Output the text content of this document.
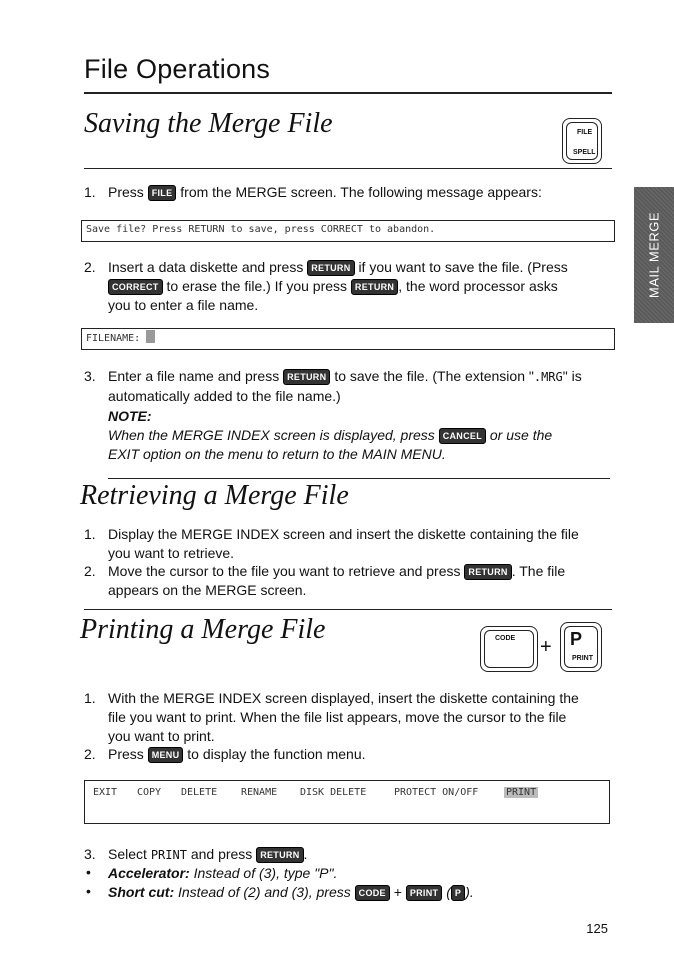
File Operations
MAIL MERGE
Saving the Merge File	FILE
SPELL
1. Press FILE from the MERGE screen. The following message appears:
Save file? Press RETURN to save, press CORRECT to abandon.
2. Insert a data diskette and press RETURN if you want to save the file. (Press
CORRECT to erase the file.) If you press RETURN , the word processor asks
you to enter a file name.
FILENAME:
3. Enter a file name and press RETURN to save the file. (The extension ".MRG" is
automatically added to the file name.)
NOTE:
When the MERGE INDEX screen is displayed, press CANCEL or use the
EXIT option on the menu to return to the MAIN MENU.
Retrieving a Merge File
1. Display the MERGE INDEX screen and insert the diskette containing the file
you want to retrieve.
2. Move the cursor to the file you want to retrieve and press RETURN . The file
appears on the MERGE screen.
Printing a Merge File	CODE + P
PRINT
1. With the MERGE INDEX screen displayed, insert the diskette containing the
file you want to print. When the file list appears, move the cursor to the file
you want to print.
2. Press MENU to display the function menu.
EXIT	COPY	DELETE	RENAME	DISK DELETE	PROTECT ON/OFF	PRINT
3. Select PRINT and press RETURN .
• Accelerator: Instead of (3), type "P".
• Short cut: Instead of (2) and (3), press CODE + PRINT ( P ).
125
